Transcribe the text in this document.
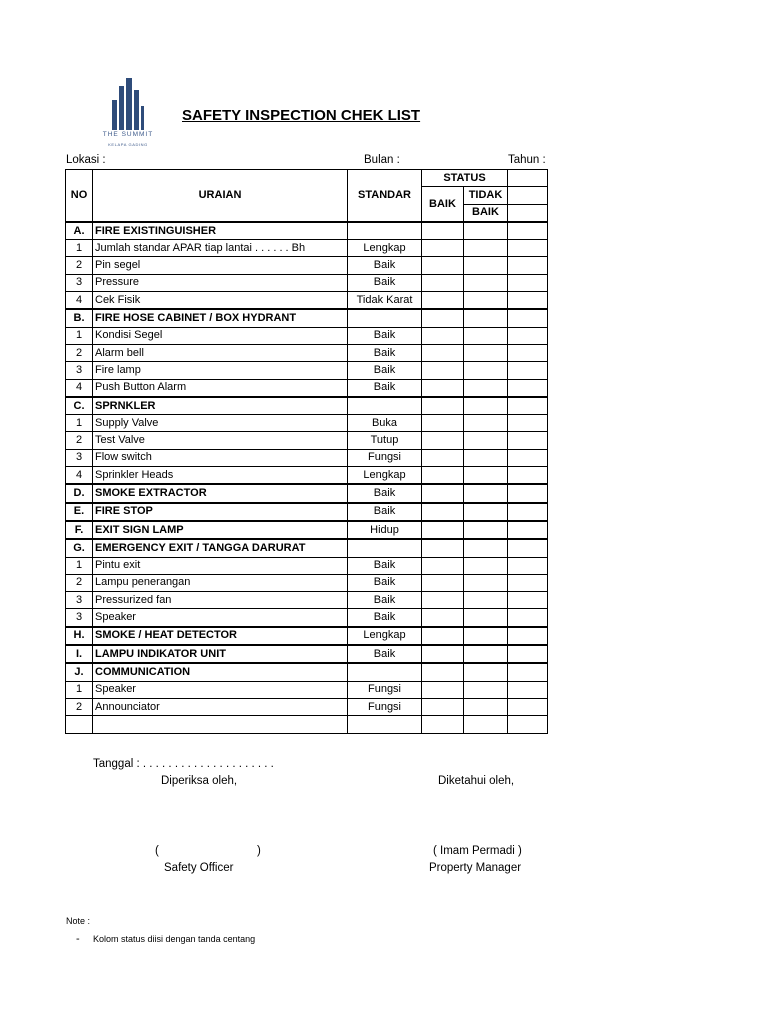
THE SUMMIT
KELAPA GADING
SAFETY INSPECTION CHEK LIST
Lokasi :	Bulan :	Tahun :
NO	URAIAN	STANDAR	STATUS		
			BAIK	TIDAK	
				BAIK	
A.	FIRE EXISTINGUISHER				
1	Jumlah standar APAR tiap lantai . . . . . . Bh	Lengkap			
2	Pin segel	Baik			
3	Pressure	Baik			
4	Cek Fisik	Tidak Karat			
B.	FIRE HOSE CABINET / BOX HYDRANT				
1	Kondisi Segel	Baik			
2	Alarm bell	Baik			
3	Fire lamp	Baik			
4	Push Button Alarm	Baik			
C.	SPRNKLER				
1	Supply Valve	Buka			
2	Test Valve	Tutup			
3	Flow switch	Fungsi			
4	Sprinkler Heads	Lengkap			
D.	SMOKE EXTRACTOR	Baik			
E.	FIRE STOP	Baik			
F.	EXIT SIGN LAMP	Hidup			
G.	EMERGENCY EXIT / TANGGA DARURAT				
1	Pintu exit	Baik			
2	Lampu penerangan	Baik			
3	Pressurized fan	Baik			
3	Speaker	Baik			
H.	SMOKE / HEAT DETECTOR	Lengkap			
I.	LAMPU INDIKATOR UNIT	Baik			
J.	COMMUNICATION				
1	Speaker	Fungsi			
2	Announciator	Fungsi			

Tanggal : . . . . . . . . . . . . . . . . . . . . .
Diperiksa oleh,	Diketahui oleh,
(	)	( Imam Permadi )
Safety Officer	Property Manager
Note :
- Kolom status diisi dengan tanda centang
